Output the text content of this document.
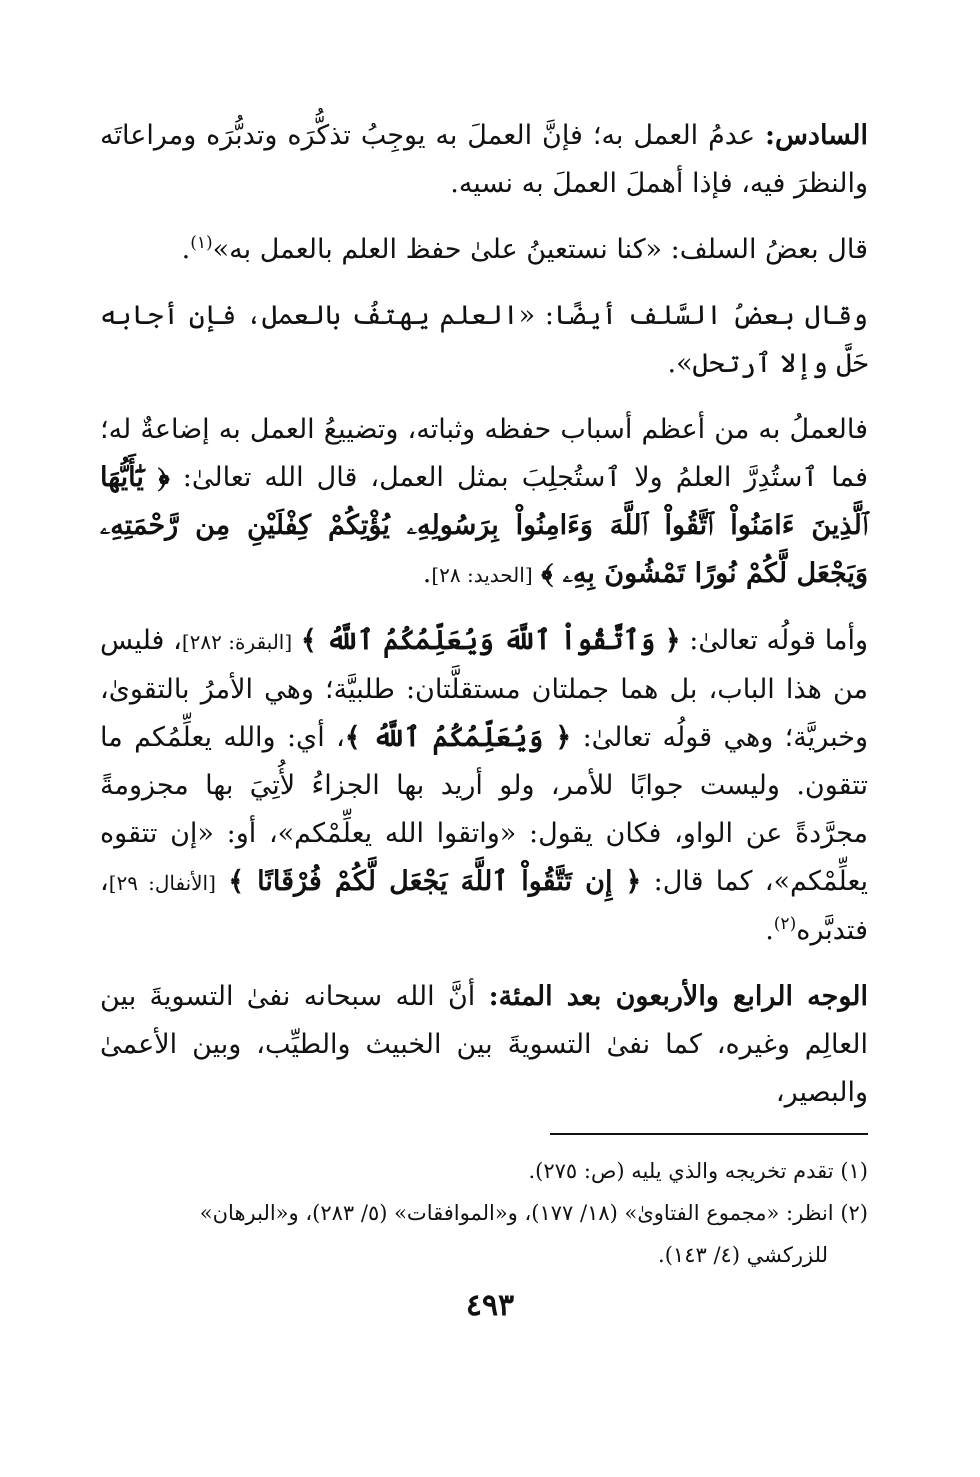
السادس: عدمُ العمل به؛ فإنَّ العملَ به يوجِبُ تذكُّرَه وتدبُّرَه ومراعاتَه والنظرَ فيه، فإذا أهملَ العملَ به نسيه.

قال بعضُ السلف: «كنا نستعينُ علىٰ حفظ العلم بالعمل به»$^{(١)}$.

وقال بعضُ السَّلف أيضًا: «العلم يهتفُ بالعمل، فإن أجابه حَلَّ وإلا ٱرتحل».

فالعملُ به من أعظم أسباب حفظه وثباته، وتضييعُ العمل به إضاعةٌ له؛ فما ٱستُدِرَّ العلمُ ولا ٱستُجلِبَ بمثل العمل، قال الله تعالىٰ: ﴿ يَٰٓأَيُّهَا ٱلَّذِينَ ءَامَنُواْ ٱتَّقُواْ ٱللَّهَ وَءَامِنُواْ بِرَسُولِهِۦ يُؤْتِكُمْ كِفْلَيْنِ مِن رَّحْمَتِهِۦ وَيَجْعَل لَّكُمْ نُورًا تَمْشُونَ بِهِۦ ﴾ [الحديد: ٢٨].

وأما قولُه تعالىٰ: ﴿ وَٱتَّقُواْ ٱللَّهَ وَيُعَلِّمُكُمُ ٱللَّهُ ﴾ [البقرة: ٢٨٢]، فليس من هذا الباب، بل هما جملتان مستقلَّتان: طلبيَّة؛ وهي الأمرُ بالتقوىٰ، وخبريَّة؛ وهي قولُه تعالىٰ: ﴿ وَيُعَلِّمُكُمُ ٱللَّهُ ﴾، أي: والله يعلِّمُكم ما تتقون. وليست جوابًا للأمر، ولو أريد بها الجزاءُ لأُتِيَ بها مجزومةً مجرَّدةً عن الواو، فكان يقول: «واتقوا الله يعلِّمْكم»، أو: «إن تتقوه يعلِّمْكم»، كما قال: ﴿ إِن تَتَّقُواْ ٱللَّهَ يَجْعَل لَّكُمْ فُرْقَانًا ﴾ [الأنفال: ٢٩]، فتدبَّره$^{(٢)}$.

الوجه الرابع والأربعون بعد المئة: أنَّ الله سبحانه نفىٰ التسويةَ بين العالِم وغيره، كما نفىٰ التسويةَ بين الخبيث والطيِّب، وبين الأعمىٰ والبصير،

(١) تقدم تخريجه والذي يليه (ص: ٢٧٥).

(٢) انظر: «مجموع الفتاوىٰ» (١٨/ ١٧٧)، و«الموافقات» (٥/ ٢٨٣)، و«البرهان»
للزركشي (٤/ ١٤٣).

٤٩٣
